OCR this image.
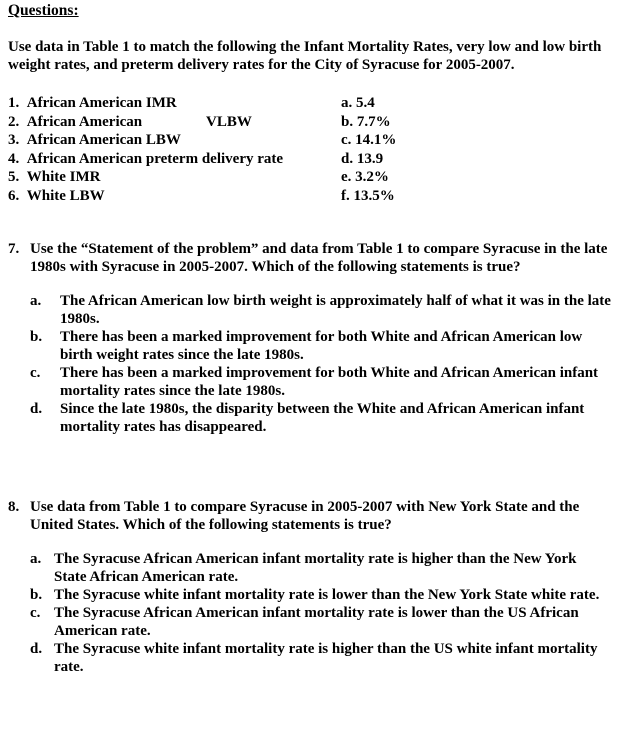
Questions:
Use data in Table 1 to match the following the Infant Mortality Rates, very low and low birth weight rates, and preterm delivery rates for the City of Syracuse for 2005-2007.
1. African American IMR	a. 5.4
2. African American	VLBW	b. 7.7%
3. African American LBW	c. 14.1%
4. African American preterm delivery rate	d. 13.9
5. White IMR	e. 3.2%
6. White LBW	f. 13.5%
7. Use the “Statement of the problem” and data from Table 1 to compare Syracuse in the late 1980s with Syracuse in 2005-2007. Which of the following statements is true?
a.	The African American low birth weight is approximately half of what it was in the late 1980s.
b.	There has been a marked improvement for both White and African American low birth weight rates since the late 1980s.
c.	There has been a marked improvement for both White and African American infant mortality rates since the late 1980s.
d.	Since the late 1980s, the disparity between the White and African American infant mortality rates has disappeared.
8. Use data from Table 1 to compare Syracuse in 2005-2007 with New York State and the United States. Which of the following statements is true?
a. The Syracuse African American infant mortality rate is higher than the New York State African American rate.
b. The Syracuse white infant mortality rate is lower than the New York State white rate.
c. The Syracuse African American infant mortality rate is lower than the US African American rate.
d. The Syracuse white infant mortality rate is higher than the US white infant mortality rate.
